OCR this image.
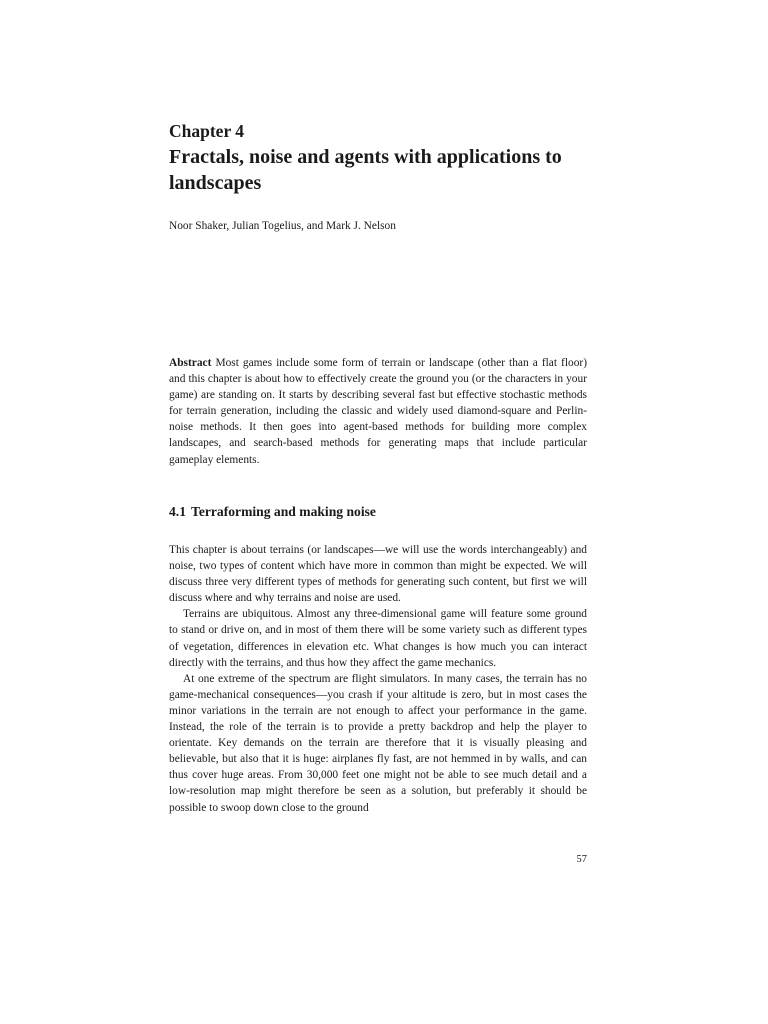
Chapter 4
Fractals, noise and agents with applications to landscapes
Noor Shaker, Julian Togelius, and Mark J. Nelson

Abstract Most games include some form of terrain or landscape (other than a flat floor) and this chapter is about how to effectively create the ground you (or the characters in your game) are standing on. It starts by describing several fast but effective stochastic methods for terrain generation, including the classic and widely used diamond-square and Perlin-noise methods. It then goes into agent-based methods for building more complex landscapes, and search-based methods for generating maps that include particular gameplay elements.

4.1 Terraforming and making noise

This chapter is about terrains (or landscapes—we will use the words interchangeably) and noise, two types of content which have more in common than might be expected. We will discuss three very different types of methods for generating such content, but first we will discuss where and why terrains and noise are used.

Terrains are ubiquitous. Almost any three-dimensional game will feature some ground to stand or drive on, and in most of them there will be some variety such as different types of vegetation, differences in elevation etc. What changes is how much you can interact directly with the terrains, and thus how they affect the game mechanics.

At one extreme of the spectrum are flight simulators. In many cases, the terrain has no game-mechanical consequences—you crash if your altitude is zero, but in most cases the minor variations in the terrain are not enough to affect your performance in the game. Instead, the role of the terrain is to provide a pretty backdrop and help the player to orientate. Key demands on the terrain are therefore that it is visually pleasing and believable, but also that it is huge: airplanes fly fast, are not hemmed in by walls, and can thus cover huge areas. From 30,000 feet one might not be able to see much detail and a low-resolution map might therefore be seen as a solution, but preferably it should be possible to swoop down close to the ground

57
